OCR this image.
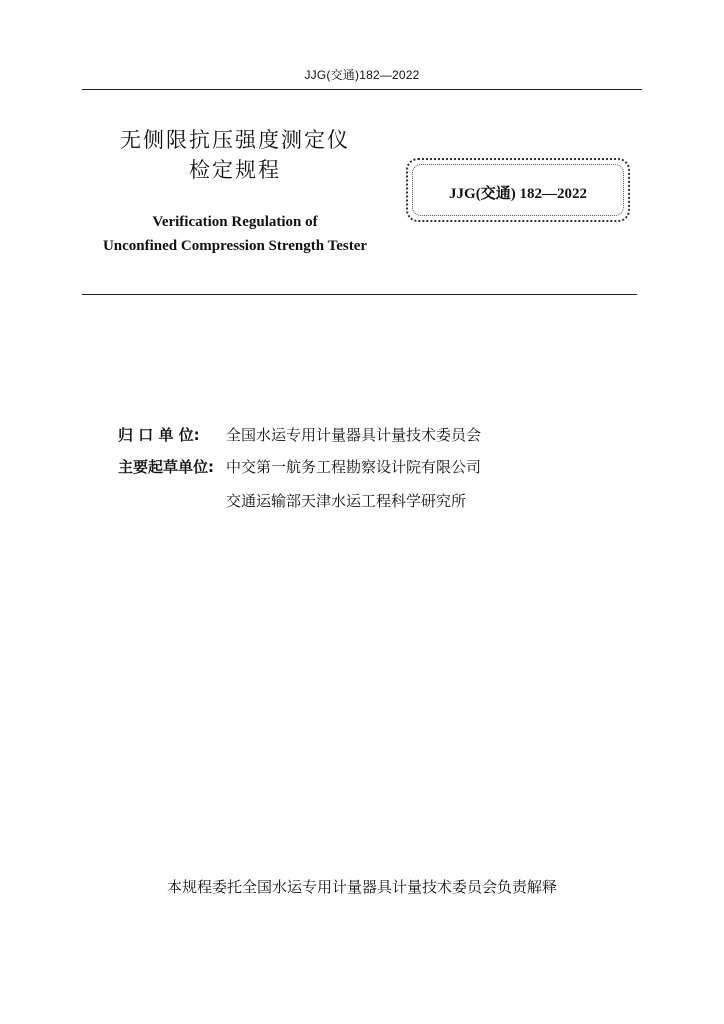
JJG(交通)182—2022
无侧限抗压强度测定仪
检定规程
Verification Regulation of
Unconfined Compression Strength Tester
JJG(交通) 182—2022
归 口 单 位: 全国水运专用计量器具计量技术委员会
主要起草单位: 中交第一航务工程勘察设计院有限公司
交通运输部天津水运工程科学研究所
本规程委托全国水运专用计量器具计量技术委员会负责解释
